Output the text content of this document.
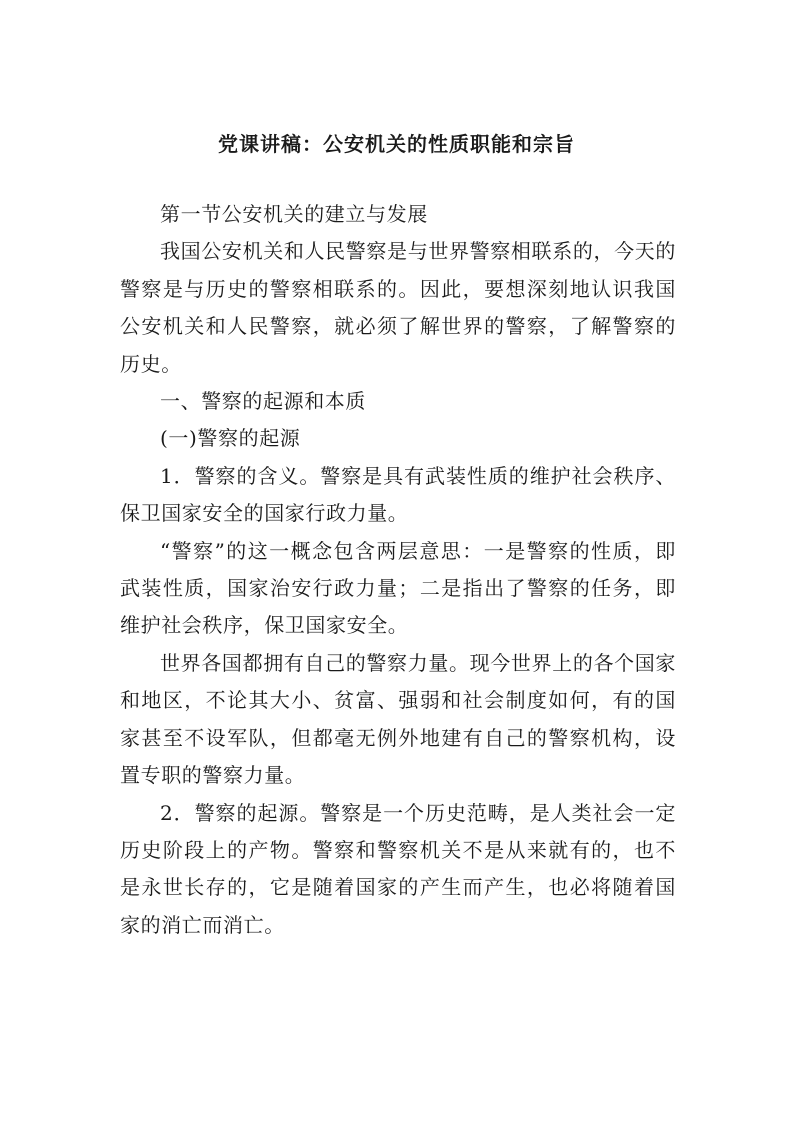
党课讲稿：公安机关的性质职能和宗旨

第一节公安机关的建立与发展

我国公安机关和人民警察是与世界警察相联系的，今天的警察是与历史的警察相联系的。因此，要想深刻地认识我国公安机关和人民警察，就必须了解世界的警察，了解警察的历史。

一、警察的起源和本质

(一)警察的起源

1．警察的含义。警察是具有武装性质的维护社会秩序、保卫国家安全的国家行政力量。

“警察”的这一概念包含两层意思：一是警察的性质，即武装性质，国家治安行政力量；二是指出了警察的任务，即维护社会秩序，保卫国家安全。

世界各国都拥有自己的警察力量。现今世界上的各个国家和地区，不论其大小、贫富、强弱和社会制度如何，有的国家甚至不设军队，但都毫无例外地建有自己的警察机构，设置专职的警察力量。

2．警察的起源。警察是一个历史范畴，是人类社会一定历史阶段上的产物。警察和警察机关不是从来就有的，也不是永世长存的，它是随着国家的产生而产生，也必将随着国家的消亡而消亡。
